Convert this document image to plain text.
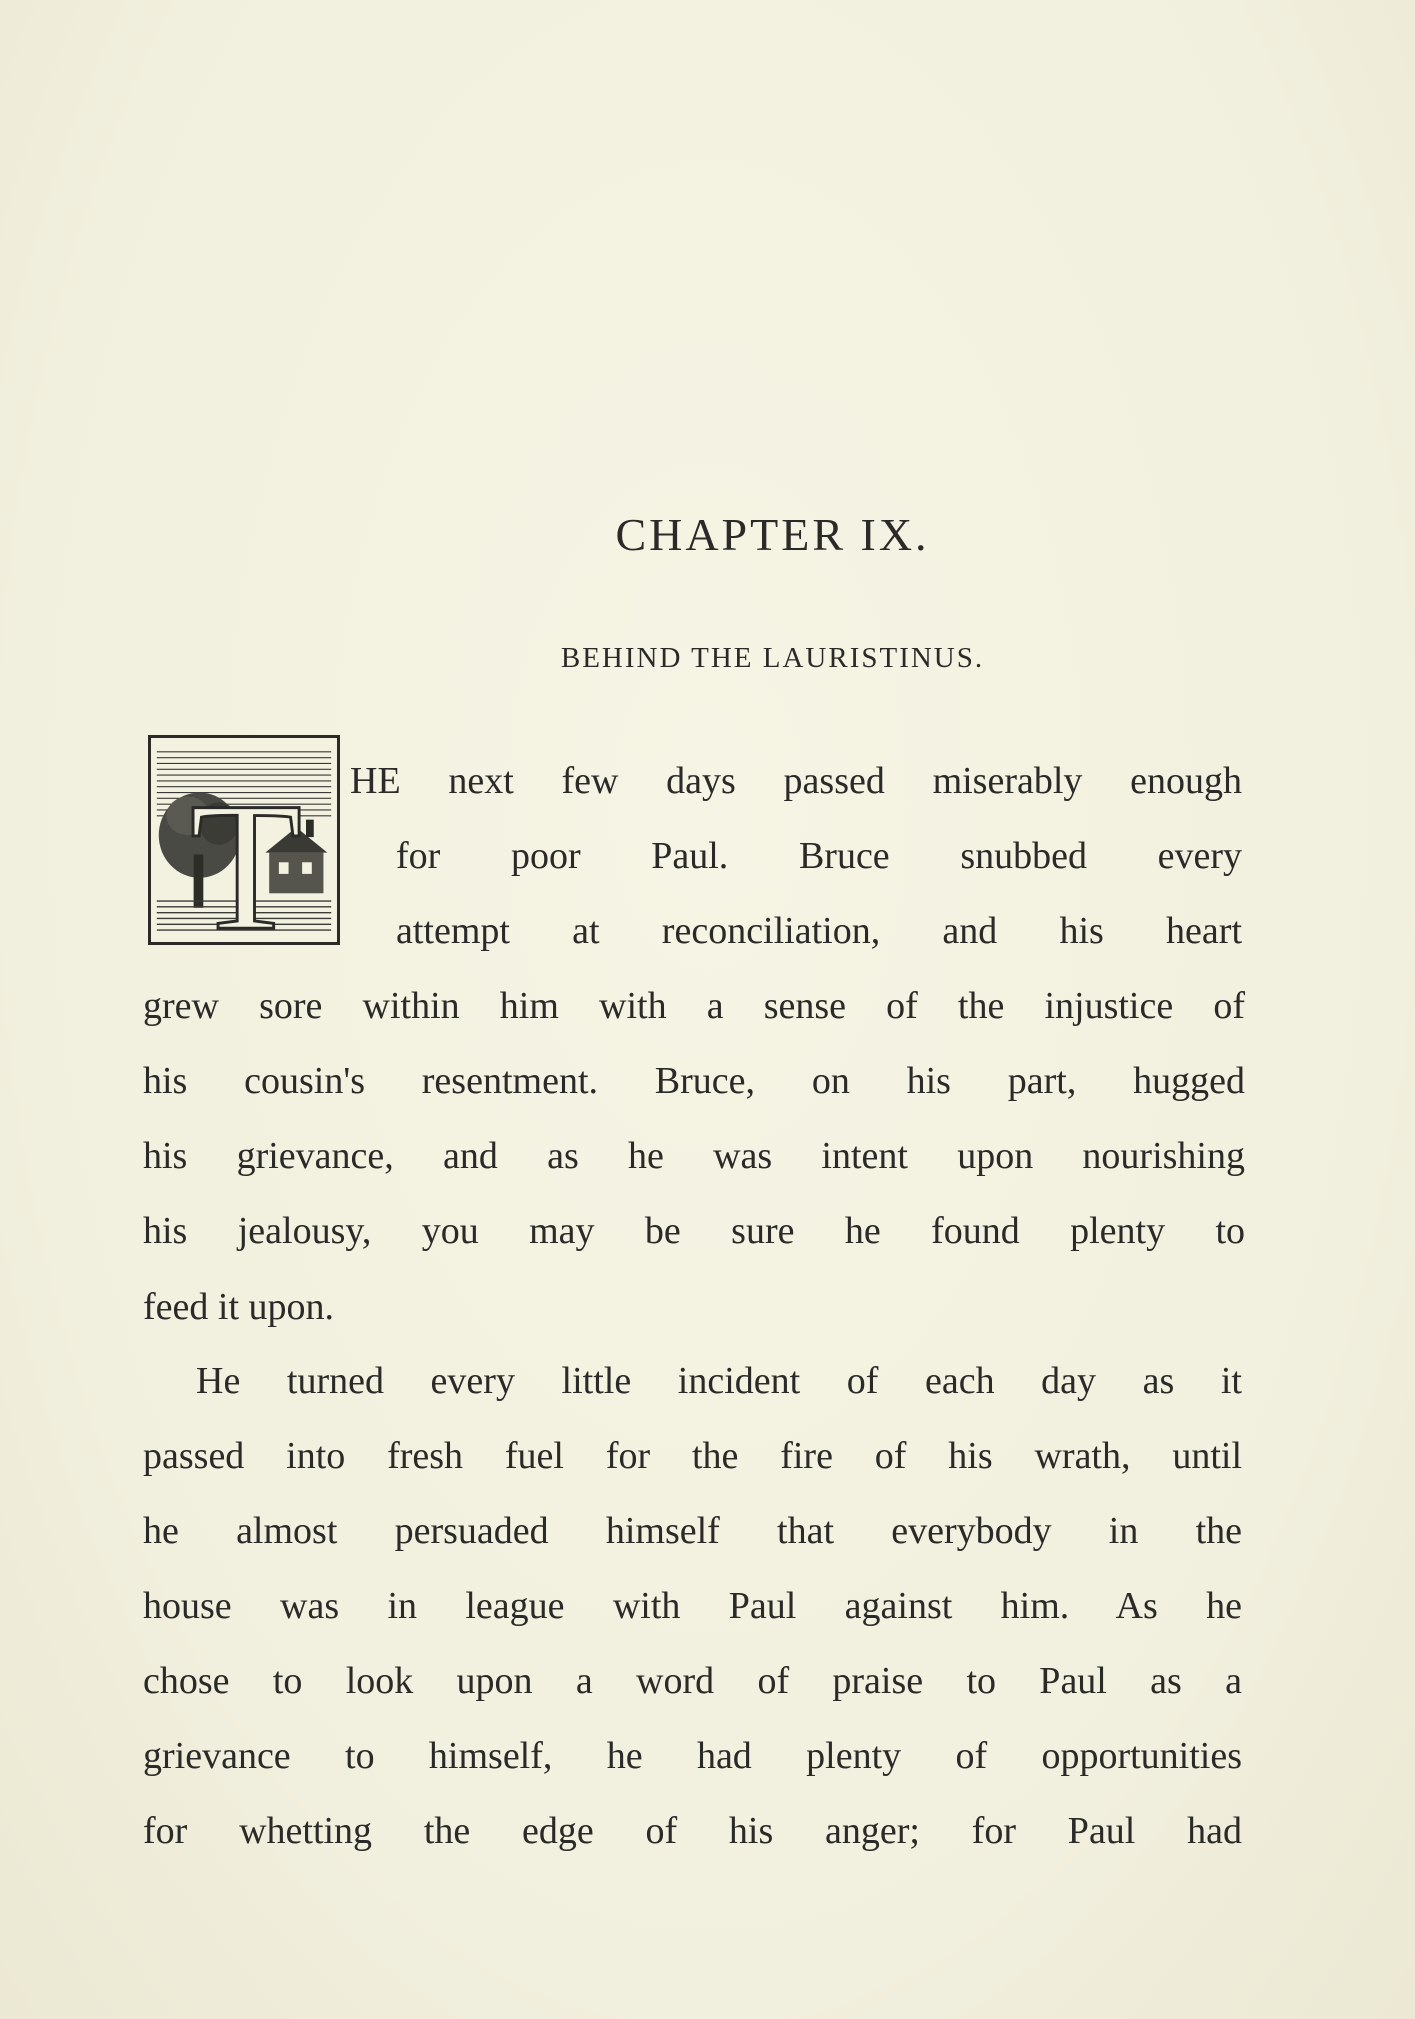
CHAPTER IX.
BEHIND THE LAURISTINUS.
T HE next few days passed miserably enough
for poor Paul. Bruce snubbed every
attempt at reconciliation, and his heart
grew sore within him with a sense of the injustice of
his cousin's resentment. Bruce, on his part, hugged
his grievance, and as he was intent upon nourishing
his jealousy, you may be sure he found plenty to
feed it upon.
He turned every little incident of each day as it
passed into fresh fuel for the fire of his wrath, until
he almost persuaded himself that everybody in the
house was in league with Paul against him. As he
chose to look upon a word of praise to Paul as a
grievance to himself, he had plenty of opportunities
for whetting the edge of his anger; for Paul had
